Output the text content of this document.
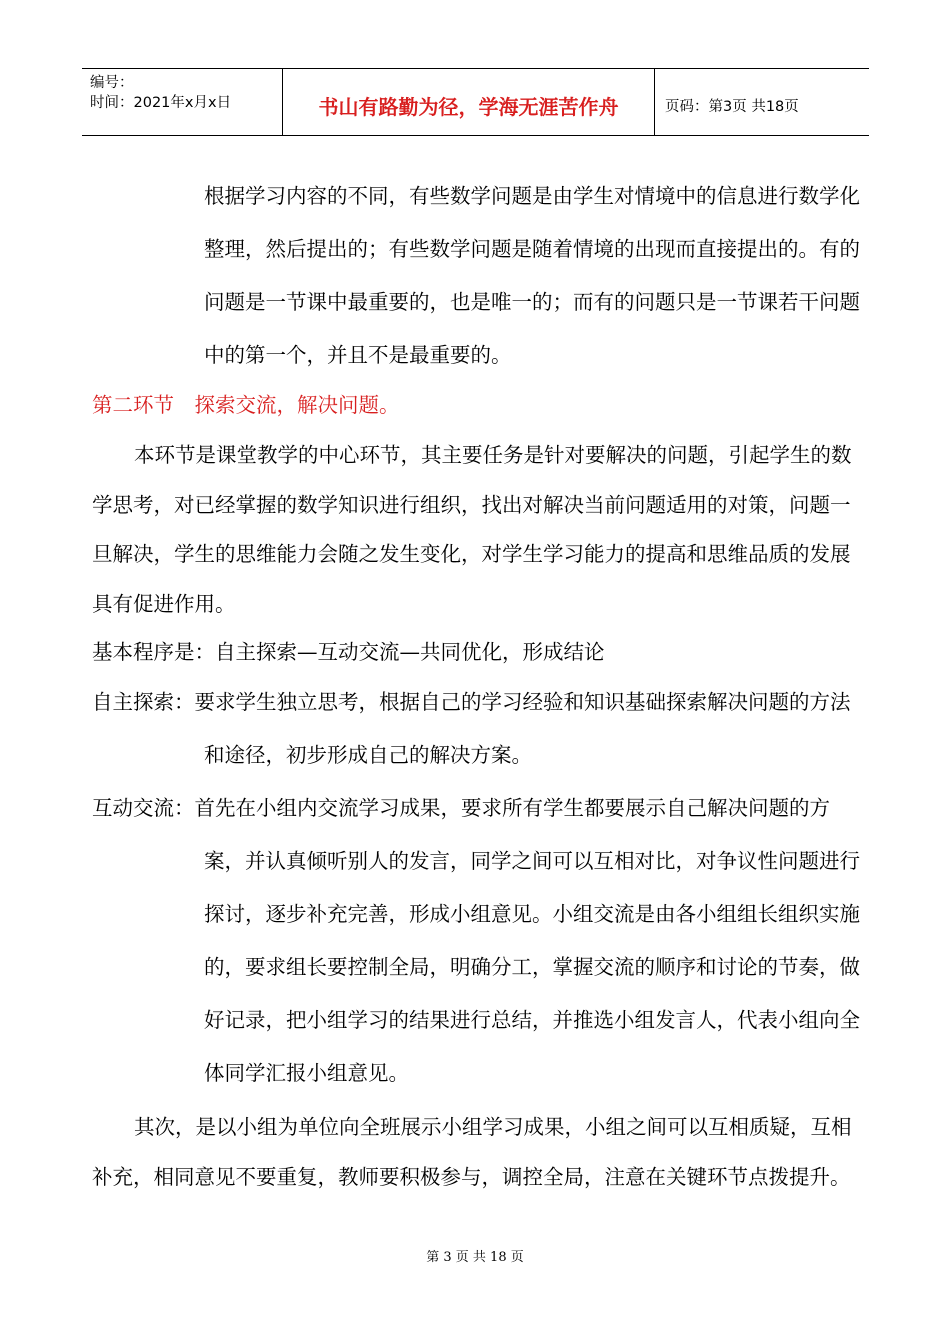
编号：
时间：2021年x月x日	书山有路勤为径，学海无涯苦作舟	页码：第3页 共18页

根据学习内容的不同，有些数学问题是由学生对情境中的信息进行数学化整理，然后提出的；有些数学问题是随着情境的出现而直接提出的。有的问题是一节课中最重要的，也是唯一的；而有的问题只是一节课若干问题中的第一个，并且不是最重要的。

第二环节　探索交流，解决问题。

本环节是课堂教学的中心环节，其主要任务是针对要解决的问题，引起学生的数学思考，对已经掌握的数学知识进行组织，找出对解决当前问题适用的对策，问题一旦解决，学生的思维能力会随之发生变化，对学生学习能力的提高和思维品质的发展具有促进作用。

基本程序是：自主探索—互动交流—共同优化，形成结论

自主探索：要求学生独立思考，根据自己的学习经验和知识基础探索解决问题的方法和途径，初步形成自己的解决方案。

互动交流：首先在小组内交流学习成果，要求所有学生都要展示自己解决问题的方案，并认真倾听别人的发言，同学之间可以互相对比，对争议性问题进行探讨，逐步补充完善，形成小组意见。小组交流是由各小组组长组织实施的，要求组长要控制全局，明确分工，掌握交流的顺序和讨论的节奏，做好记录，把小组学习的结果进行总结，并推选小组发言人，代表小组向全体同学汇报小组意见。

其次，是以小组为单位向全班展示小组学习成果，小组之间可以互相质疑，互相补充，相同意见不要重复，教师要积极参与，调控全局，注意在关键环节点拨提升。

第 3 页 共 18 页
